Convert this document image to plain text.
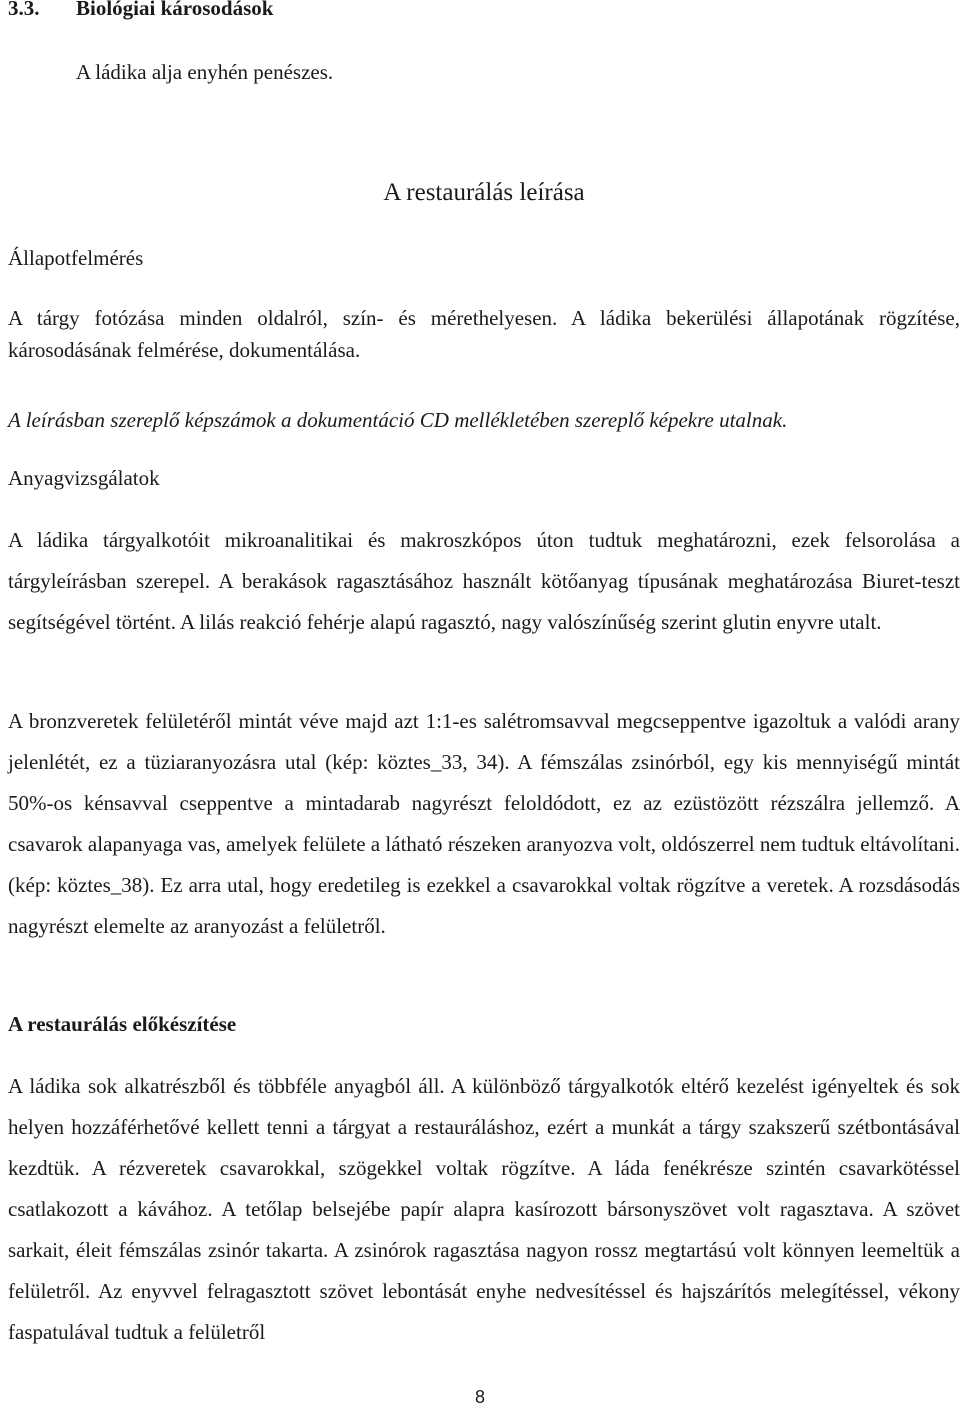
3.3. Biológiai károsodások
A ládika alja enyhén penészes.
A restaurálás leírása
Állapotfelmérés
A tárgy fotózása minden oldalról, szín- és mérethelyesen. A ládika bekerülési állapotának rögzítése, károsodásának felmérése, dokumentálása.
A leírásban szereplő képszámok a dokumentáció CD mellékletében szereplő képekre utalnak.
Anyagvizsgálatok
A ládika tárgyalkotóit mikroanalitikai és makroszkópos úton tudtuk meghatározni, ezek felsorolása a tárgyleírásban szerepel. A berakások ragasztásához használt kötőanyag típusának meghatározása Biuret-teszt segítségével történt. A lilás reakció fehérje alapú ragasztó, nagy valószínűség szerint glutin enyvre utalt.
A bronzveretek felületéről mintát véve majd azt 1:1-es salétromsavval megcseppentve igazoltuk a valódi arany jelenlétét, ez a tüziaranyozásra utal (kép: köztes_33, 34). A fémszálas zsinórból, egy kis mennyiségű mintát 50%-os kénsavval cseppentve a mintadarab nagyrészt feloldódott, ez az ezüstözött rézszálra jellemző. A csavarok alapanyaga vas, amelyek felülete a látható részeken aranyozva volt, oldószerrel nem tudtuk eltávolítani. (kép: köztes_38). Ez arra utal, hogy eredetileg is ezekkel a csavarokkal voltak rögzítve a veretek. A rozsdásodás nagyrészt elemelte az aranyozást a felületről.
A restaurálás előkészítése
A ládika sok alkatrészből és többféle anyagból áll. A különböző tárgyalkotók eltérő kezelést igényeltek és sok helyen hozzáférhetővé kellett tenni a tárgyat a restauráláshoz, ezért a munkát a tárgy szakszerű szétbontásával kezdtük. A rézveretek csavarokkal, szögekkel voltak rögzítve. A láda fenékrésze szintén csavarkötéssel csatlakozott a kávához. A tetőlap belsejébe papír alapra kasírozott bársonyszövet volt ragasztava. A szövet sarkait, éleit fémszálas zsinór takarta. A zsinórok ragasztása nagyon rossz megtartású volt könnyen leemeltük a felületről. Az enyvvel felragasztott szövet lebontását enyhe nedvesítéssel és hajszárítós melegítéssel, vékony faspatulával tudtuk a felületről
8
